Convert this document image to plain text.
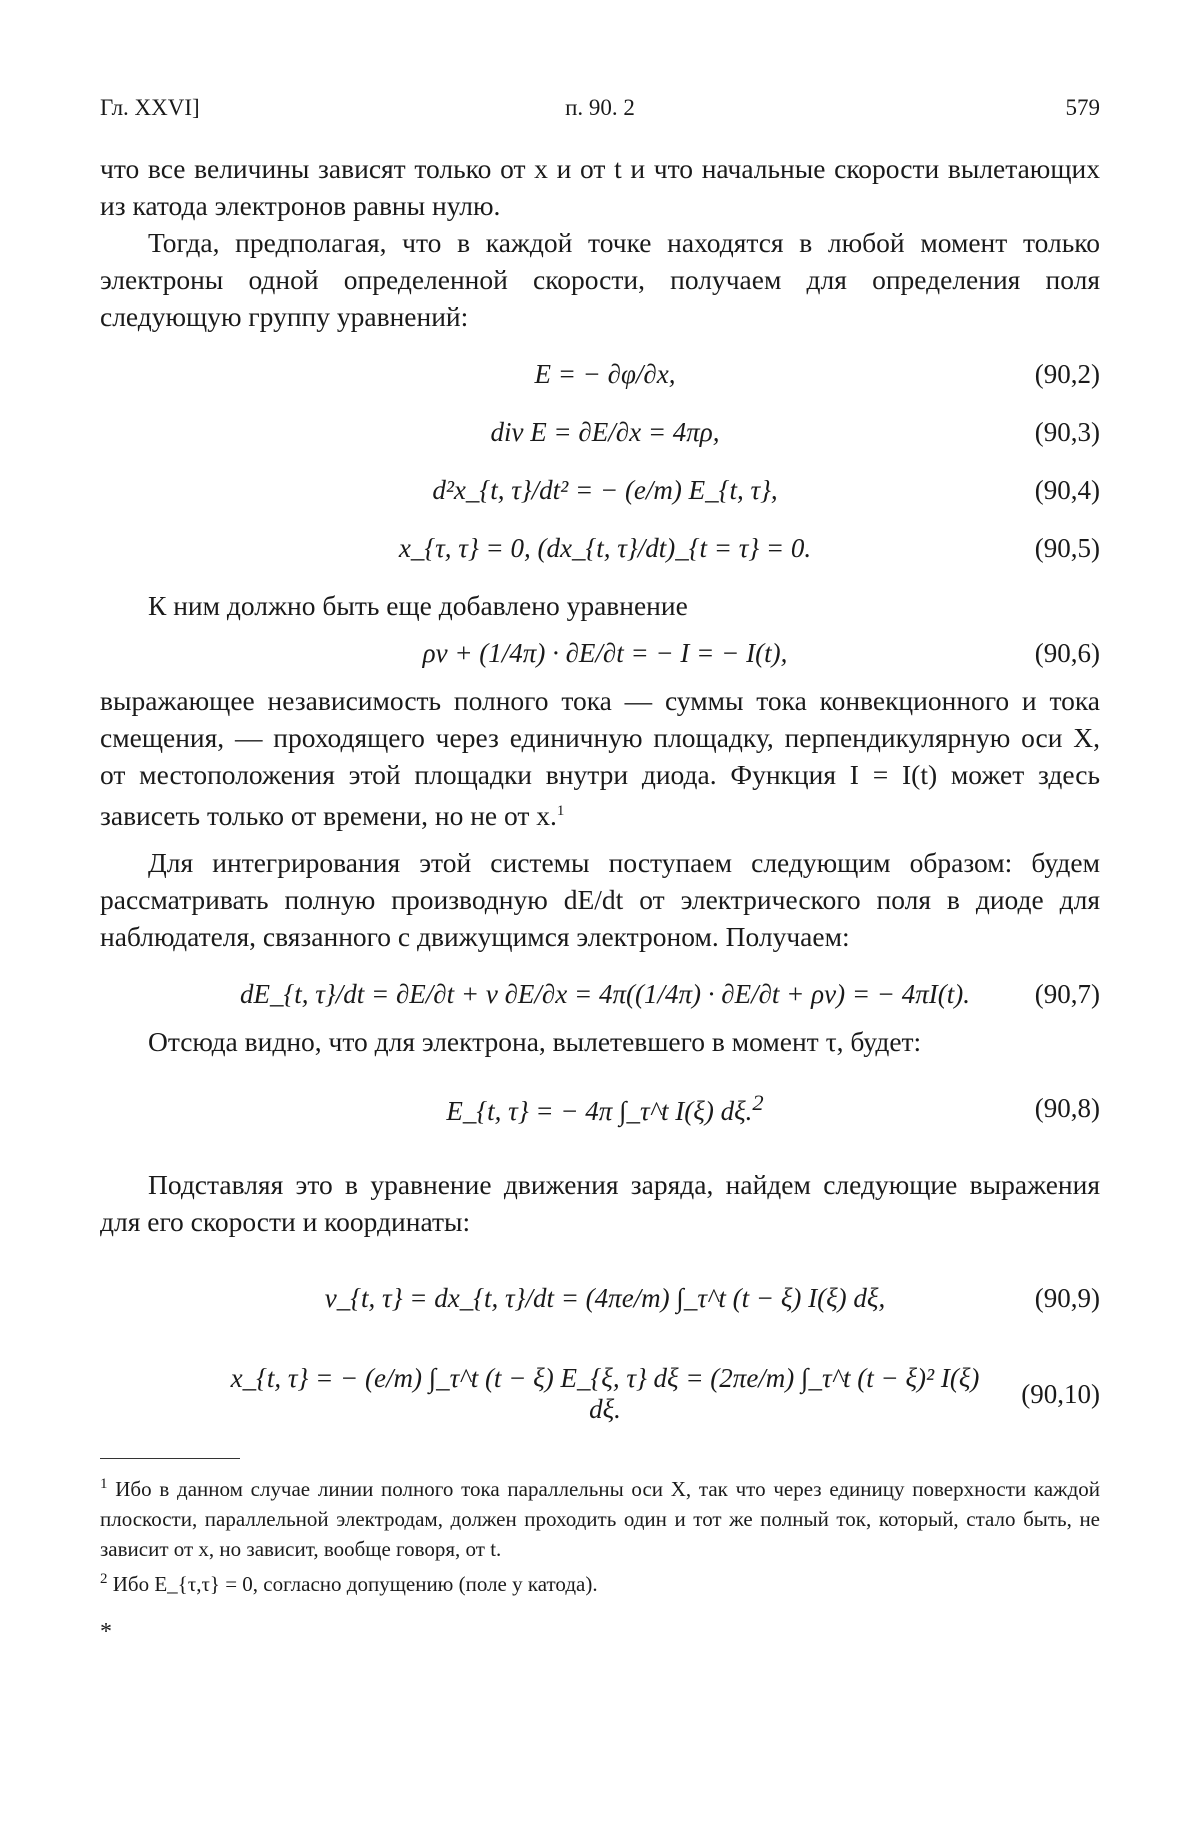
Гл. XXVI]	п. 90. 2	579

что все величины зависят только от x и от t и что начальные скорости вылетающих из катода электронов равны нулю.

Тогда, предполагая, что в каждой точке находятся в любой момент только электроны одной определенной скорости, получаем для определения поля следующую группу уравнений:

E = − ∂φ/∂x,	(90,2)
div E = ∂E/∂x = 4πρ,	(90,3)
d²x_{t, τ}/dt² = − (e/m) E_{t, τ},	(90,4)
x_{τ, τ} = 0, (dx_{t, τ}/dt)_{t = τ} = 0.	(90,5)

К ним должно быть еще добавлено уравнение

ρv + (1/4π) · ∂E/∂t = − I = − I(t),	(90,6)

выражающее независимость полного тока — суммы тока конвекционного и тока смещения, — проходящего через единичную площадку, перпендикулярную оси X, от местоположения этой площадки внутри диода. Функция I = I(t) может здесь зависеть только от времени, но не от x.$^1$

Для интегрирования этой системы поступаем следующим образом: будем рассматривать полную производную dE/dt от электрического поля в диоде для наблюдателя, связанного с движущимся электроном. Получаем:

dE_{t, τ}/dt = ∂E/∂t + v ∂E/∂x = 4π((1/4π) · ∂E/∂t + ρv) = − 4πI(t).	(90,7)

Отсюда видно, что для электрона, вылетевшего в момент τ, будет:

E_{t, τ} = − 4π ∫_τ^t I(ξ) dξ.$^2$	(90,8)

Подставляя это в уравнение движения заряда, найдем следующие выражения для его скорости и координаты:

v_{t, τ} = dx_{t, τ}/dt = (4πe/m) ∫_τ^t (t − ξ) I(ξ) dξ,	(90,9)
x_{t, τ} = − (e/m) ∫_τ^t (t − ξ) E_{ξ, τ} dξ = (2πe/m) ∫_τ^t (t − ξ)² I(ξ) dξ.
(90,10)

$^1$ Ибо в данном случае линии полного тока параллельны оси X, так что через единицу поверхности каждой плоскости, параллельной электродам, должен проходить один и тот же полный ток, который, стало быть, не зависит от x, но зависит, вообще говоря, от t.

$^2$ Ибо E_{τ,τ} = 0, согласно допущению (поле у катода).

*
